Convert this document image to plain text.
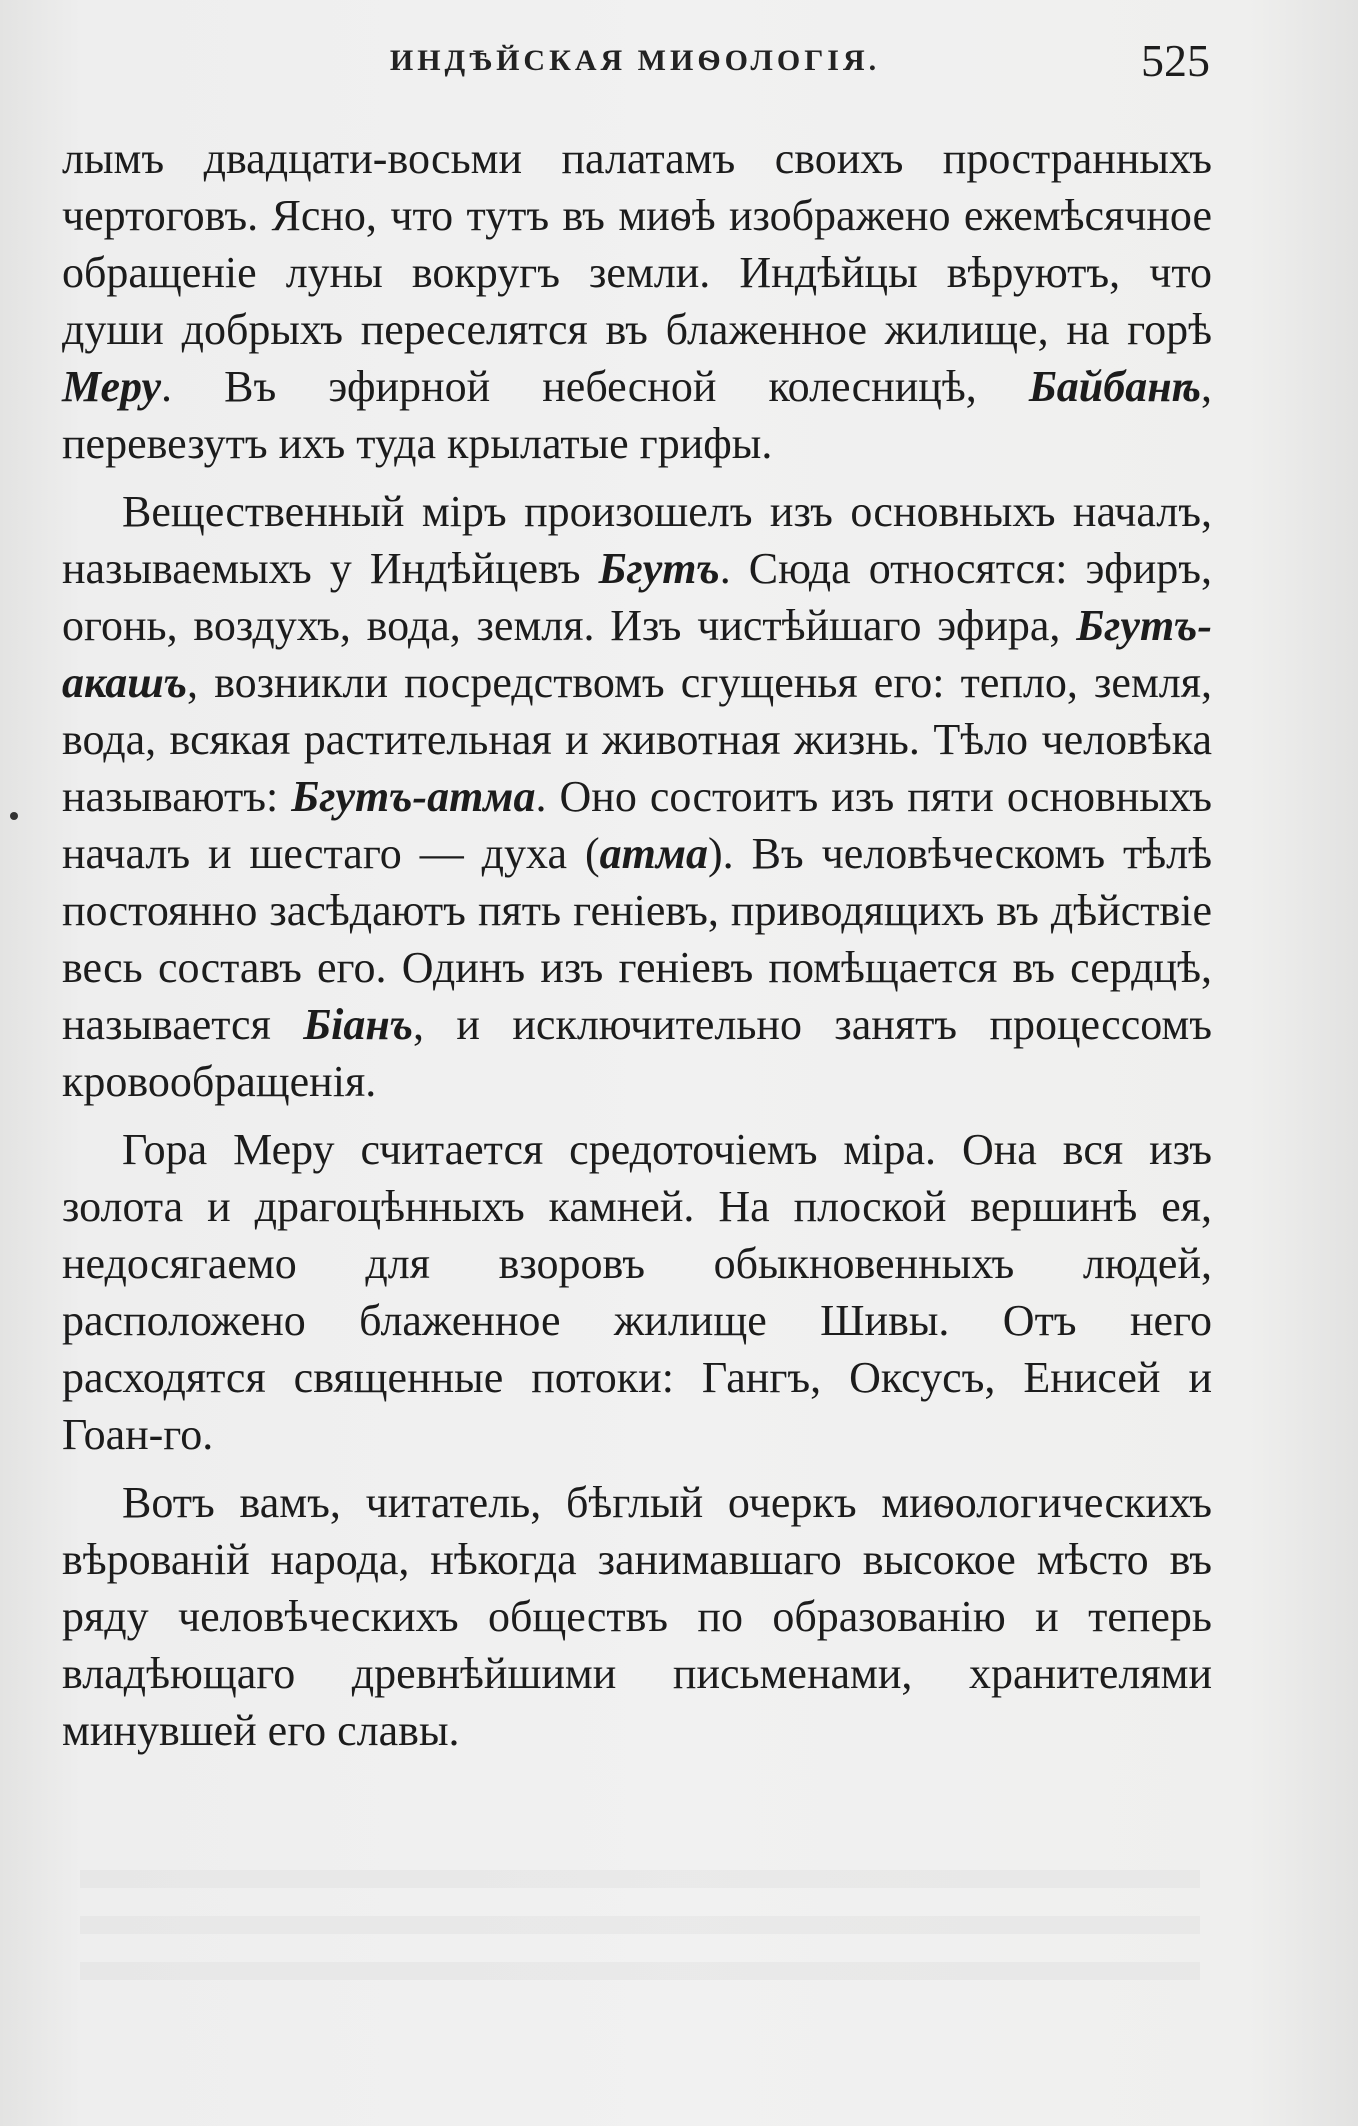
ИНДѢЙСКАЯ МИѲОЛОГІЯ.	525

лымъ двадцати-восьми палатамъ своихъ пространныхъ чертоговъ. Ясно, что тутъ въ миѳѣ изображено ежемѣсячное обращеніе луны вокругъ земли. Индѣйцы вѣруютъ, что души добрыхъ переселятся въ блаженное жилище, на горѣ Меру. Въ эфирной небесной колесницѣ, Байбанѣ, перевезутъ ихъ туда крылатые грифы.

Вещественный міръ произошелъ изъ основныхъ началъ, называемыхъ у Индѣйцевъ Бгутъ. Сюда относятся: эфиръ, огонь, воздухъ, вода, земля. Изъ чистѣйшаго эфира, Бгутъ-акашъ, возникли посредствомъ сгущенья его: тепло, земля, вода, всякая растительная и животная жизнь. Тѣло человѣка называютъ: Бгутъ-атма. Оно состоитъ изъ пяти основныхъ началъ и шестаго — духа (атма). Въ человѣческомъ тѣлѣ постоянно засѣдаютъ пять геніевъ, приводящихъ въ дѣйствіе весь составъ его. Одинъ изъ геніевъ помѣщается въ сердцѣ, называется Біанъ, и исключительно занятъ процессомъ кровообращенія.

Гора Меру считается средоточіемъ міра. Она вся изъ золота и драгоцѣнныхъ камней. На плоской вершинѣ ея, недосягаемо для взоровъ обыкновенныхъ людей, расположено блаженное жилище Шивы. Отъ него расходятся священные потоки: Гангъ, Оксусъ, Енисей и Гоан-го.

Вотъ вамъ, читатель, бѣглый очеркъ миѳологическихъ вѣрованій народа, нѣкогда занимавшаго высокое мѣсто въ ряду человѣческихъ обществъ по образованію и теперь владѣющаго древнѣйшими письменами, хранителями минувшей его славы.
